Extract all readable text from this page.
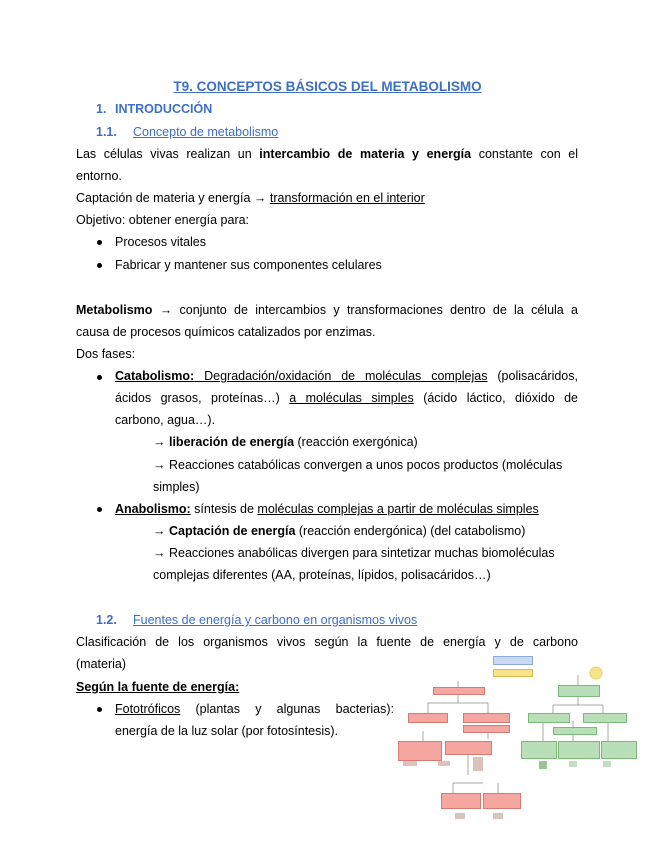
T9. CONCEPTOS BÁSICOS DEL METABOLISMO
1. INTRODUCCIÓN
1.1. Concepto de metabolismo
Las células vivas realizan un intercambio de materia y energía constante con el
entorno.
Captación de materia y energía → transformación en el interior
Objetivo: obtener energía para:
Procesos vitales
Fabricar y mantener sus componentes celulares
Metabolismo → conjunto de intercambios y transformaciones dentro de la célula a
causa de procesos químicos catalizados por enzimas.
Dos fases:
Catabolismo: Degradación/oxidación de moléculas complejas (polisacáridos,
ácidos grasos, proteínas…) a moléculas simples (ácido láctico, dióxido de
carbono, agua…).
→ liberación de energía (reacción exergónica)
→ Reacciones catabólicas convergen a unos pocos productos (moléculas
simples)
Anabolismo: síntesis de moléculas complejas a partir de moléculas simples
→ Captación de energía (reacción endergónica) (del catabolismo)
→ Reacciones anabólicas divergen para sintetizar muchas biomoléculas
complejas diferentes (AA, proteínas, lípidos, polisacáridos…)
1.2. Fuentes de energía y carbono en organismos vivos
Clasificación de los organismos vivos según la fuente de energía y de carbono
(materia)
Según la fuente de energía:
Fototróficos (plantas y algunas bacterias):
energía de la luz solar (por fotosíntesis).
